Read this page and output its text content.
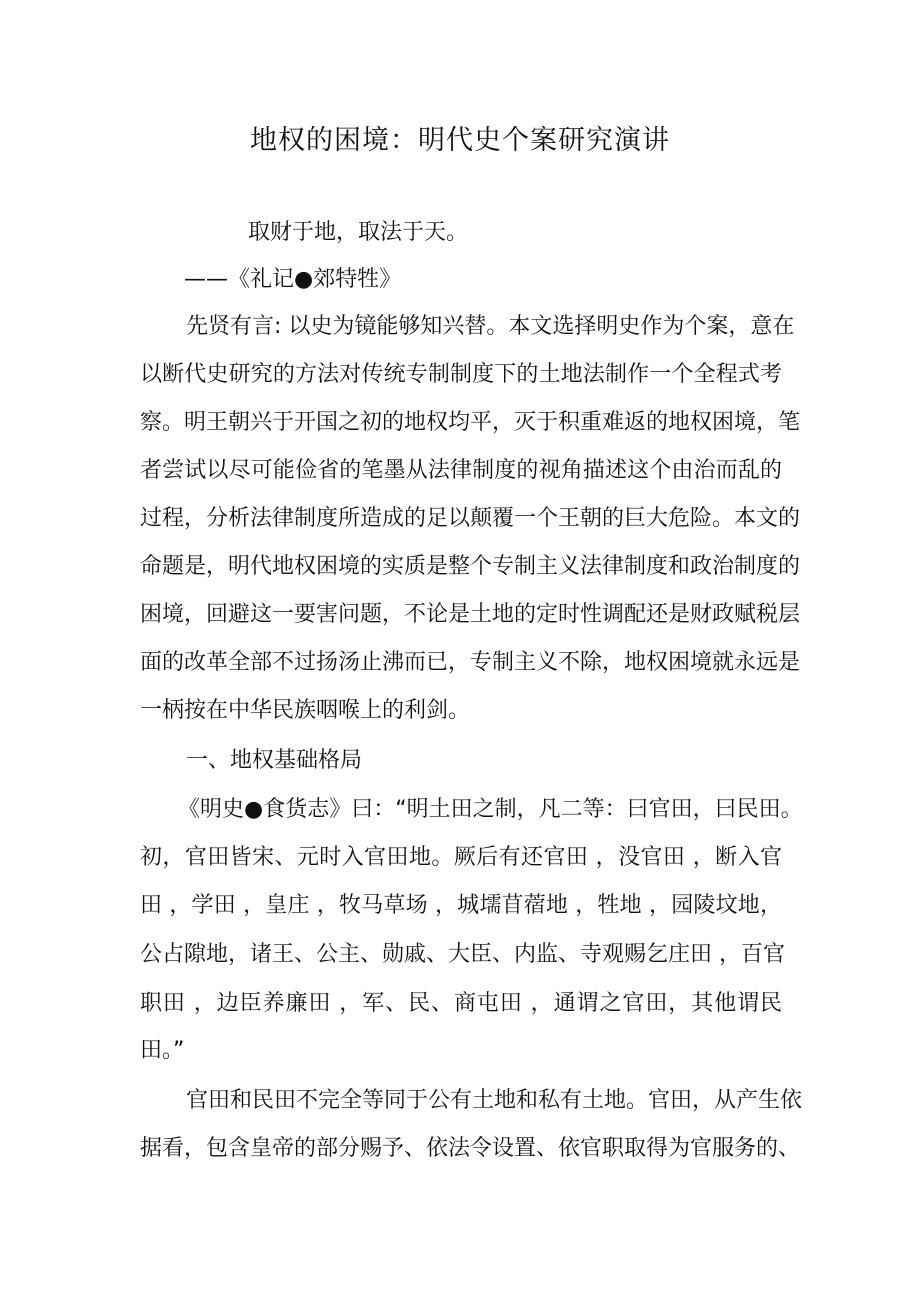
地权的困境：明代史个案研究演讲
取财于地，取法于天。
——《礼记●郊特牲》
先贤有言: 以史为镜能够知兴替。本文选择明史作为个案，意在
以断代史研究的方法对传统专制制度下的土地法制作一个全程式考
察。明王朝兴于开国之初的地权均平，灭于积重难返的地权困境，笔
者尝试以尽可能俭省的笔墨从法律制度的视角描述这个由治而乱的
过程，分析法律制度所造成的足以颠覆一个王朝的巨大危险。本文的
命题是，明代地权困境的实质是整个专制主义法律制度和政治制度的
困境，回避这一要害问题，不论是土地的定时性调配还是财政赋税层
面的改革全部不过扬汤止沸而已，专制主义不除，地权困境就永远是
一柄按在中华民族咽喉上的利剑。
一、地权基础格局
《明史●食货志》曰：“明土田之制，凡二等：曰官田，曰民田。
初，官田皆宋、元时入官田地。厥后有还官田 ，没官田 ，断入官
田 ，学田 ，皇庄 ，牧马草场 ，城壖苜蓿地 ，牲地 ，园陵坟地，
公占隙地，诸王、公主、勋戚、大臣、内监、寺观赐乞庄田 ，百官
职田 ，边臣养廉田 ，军、民、商屯田 ，通谓之官田，其他谓民
田。”
官田和民田不完全等同于公有土地和私有土地。官田，从产生依
据看，包含皇帝的部分赐予、依法令设置、依官职取得为官服务的、
